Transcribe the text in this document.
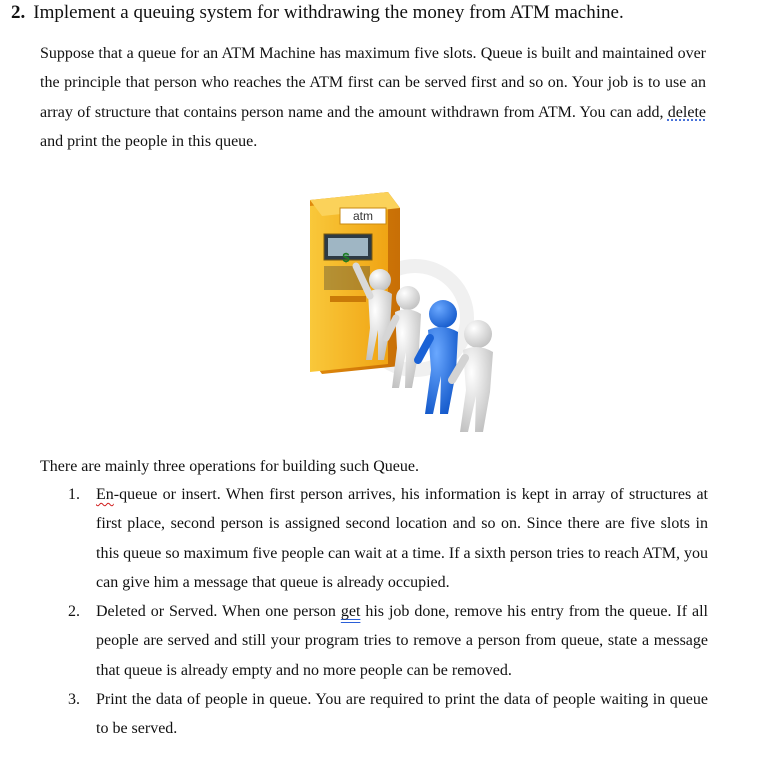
2. Implement a queuing system for withdrawing the money from ATM machine.
Suppose that a queue for an ATM Machine has maximum five slots. Queue is built and maintained over the principle that person who reaches the ATM first can be served first and so on. Your job is to use an array of structure that contains person name and the amount withdrawn from ATM. You can add, delete and print the people in this queue.
atm
$
There are mainly three operations for building such Queue.
1. En-queue or insert. When first person arrives, his information is kept in array of structures at first place, second person is assigned second location and so on. Since there are five slots in this queue so maximum five people can wait at a time. If a sixth person tries to reach ATM, you can give him a message that queue is already occupied.
2. Deleted or Served. When one person get his job done, remove his entry from the queue. If all people are served and still your program tries to remove a person from queue, state a message that queue is already empty and no more people can be removed.
3. Print the data of people in queue. You are required to print the data of people waiting in queue to be served.
